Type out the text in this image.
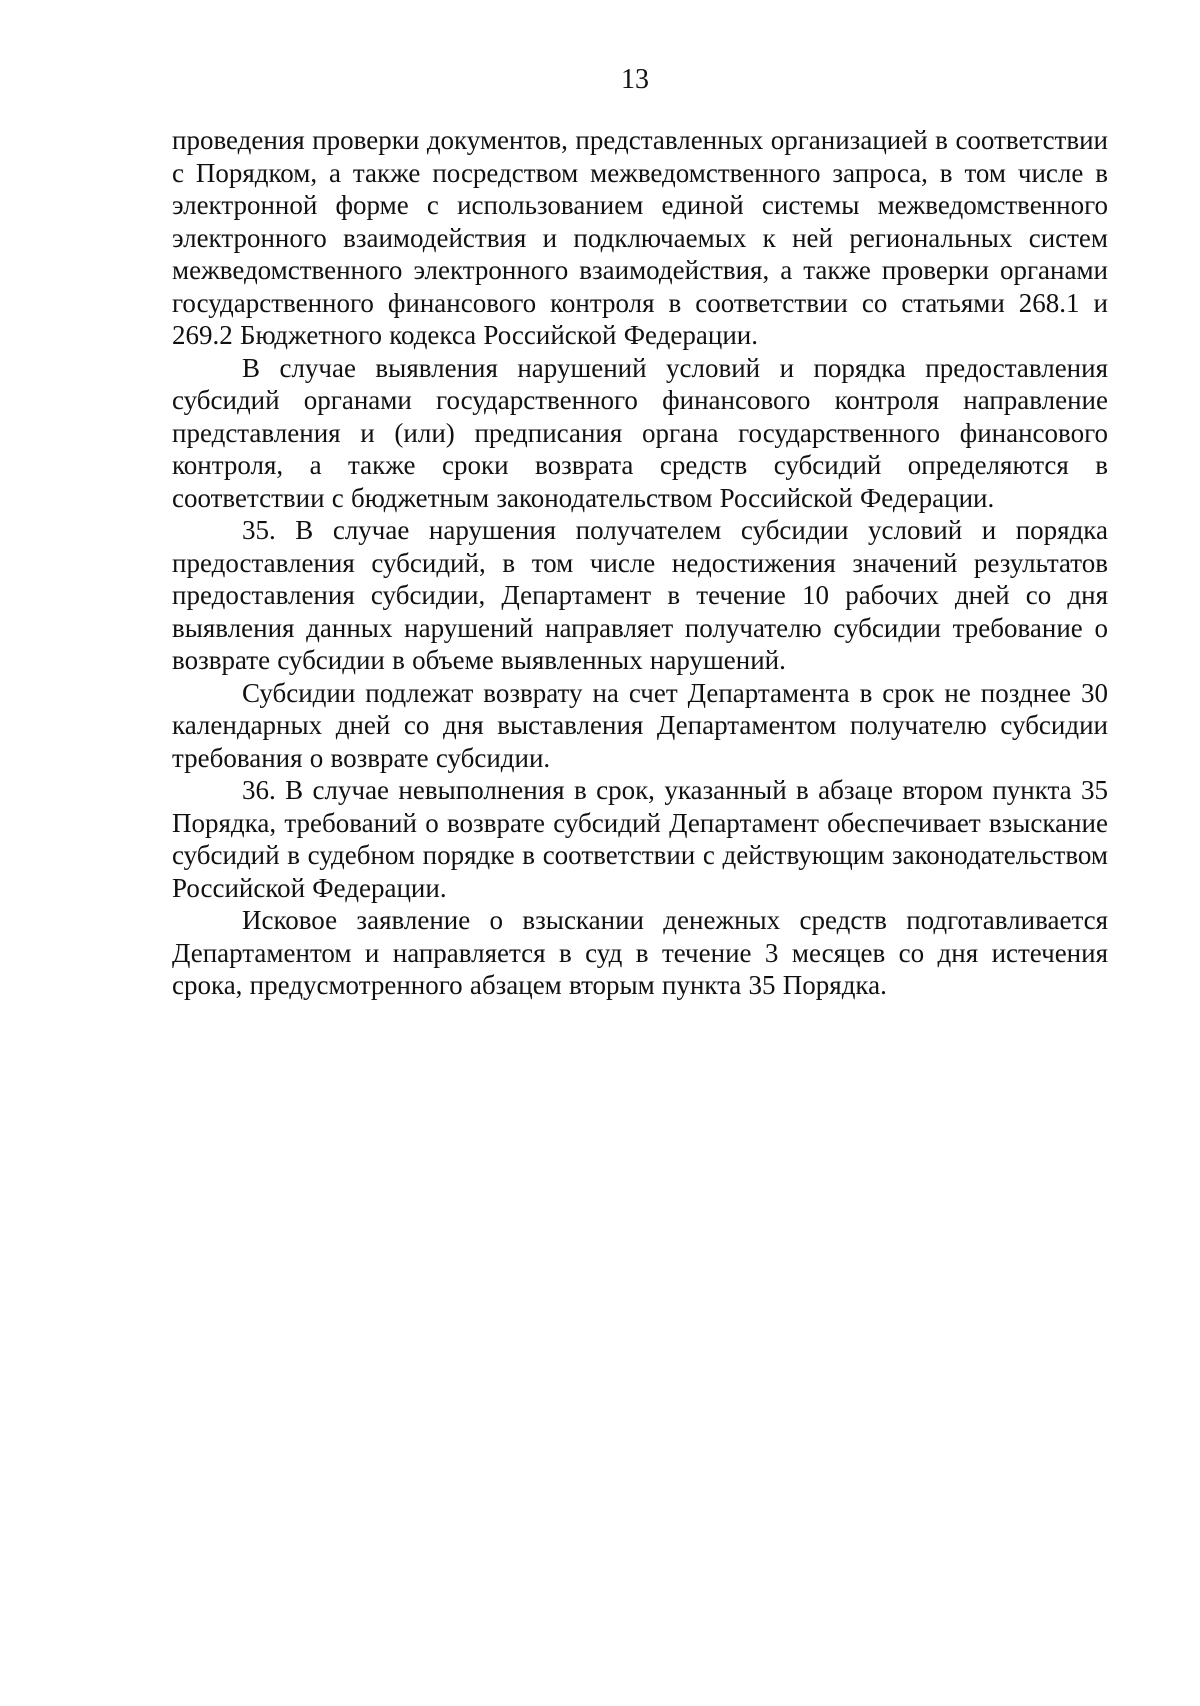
13

проведения проверки документов, представленных организацией в соответствии с Порядком, а также посредством межведомственного запроса, в том числе в электронной форме с использованием единой системы межведомственного электронного взаимодействия и подключаемых к ней региональных систем межведомственного электронного взаимодействия, а также проверки органами государственного финансового контроля в соответствии со статьями 268.1 и 269.2 Бюджетного кодекса Российской Федерации.

В случае выявления нарушений условий и порядка предоставления субсидий органами государственного финансового контроля направление представления и (или) предписания органа государственного финансового контроля, а также сроки возврата средств субсидий определяются в соответствии с бюджетным законодательством Российской Федерации.

35. В случае нарушения получателем субсидии условий и порядка предоставления субсидий, в том числе недостижения значений результатов предоставления субсидии, Департамент в течение 10 рабочих дней со дня выявления данных нарушений направляет получателю субсидии требование о возврате субсидии в объеме выявленных нарушений.

Субсидии подлежат возврату на счет Департамента в срок не позднее 30 календарных дней со дня выставления Департаментом получателю субсидии требования о возврате субсидии.

36. В случае невыполнения в срок, указанный в абзаце втором пункта 35 Порядка, требований о возврате субсидий Департамент обеспечивает взыскание субсидий в судебном порядке в соответствии с действующим законодательством Российской Федерации.

Исковое заявление о взыскании денежных средств подготавливается Департаментом и направляется в суд в течение 3 месяцев со дня истечения срока, предусмотренного абзацем вторым пункта 35 Порядка.
